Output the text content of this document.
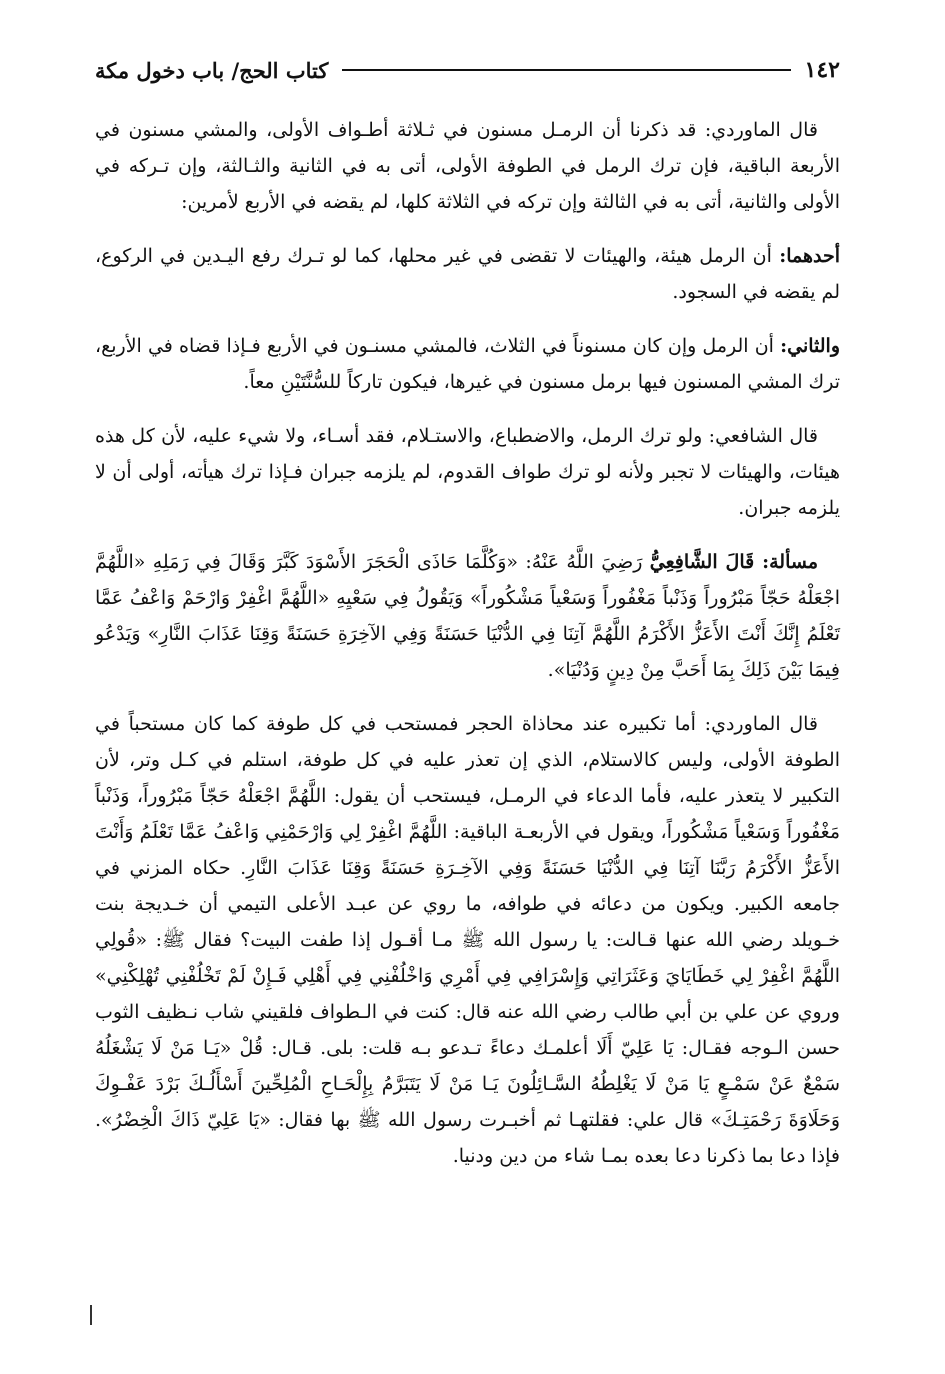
١٤٢
كتاب الحج/ باب دخول مكة

قال الماوردي: قد ذكرنا أن الرمـل مسنون في ثـلاثة أطـواف الأولى، والمشي مسنون في الأربعة الباقية، فإن ترك الرمل في الطوفة الأولى، أتى به في الثانية والثـالثة، وإن تـركه في الأولى والثانية، أتى به في الثالثة وإن تركه في الثلاثة كلها، لم يقضه في الأربع لأمرين:

أحدهما: أن الرمل هيئة، والهيئات لا تقضى في غير محلها، كما لو تـرك رفع اليـدين في الركوع، لم يقضه في السجود.

والثاني: أن الرمل وإن كان مسنوناً في الثلاث، فالمشي مسنـون في الأربع فـإذا قضاه في الأربع، ترك المشي المسنون فيها برمل مسنون في غيرها، فيكون تاركاً للسُّنَّتَيْنِ معاً.

قال الشافعي: ولو ترك الرمل، والاضطباع، والاستـلام، فقد أسـاء، ولا شيء عليه، لأن كل هذه هيئات، والهيئات لا تجبر ولأنه لو ترك طواف القدوم، لم يلزمه جبران فـإذا ترك هيأته، أولى أن لا يلزمه جبران.

مسألة: قَالَ الشَّافِعِيُّ رَضِيَ اللَّهُ عَنْهُ: «وَكُلَّمَا حَاذَى الْحَجَرَ الأَسْوَدَ كَبَّرَ وَقَالَ فِي رَمَلِهِ «اللَّهُمَّ اجْعَلْهُ حَجّاً مَبْرُوراً وَذَنْباً مَغْفُوراً وَسَعْياً مَشْكُوراً» وَيَقُولُ فِي سَعْيِهِ «اللَّهُمَّ اغْفِرْ وَارْحَمْ وَاعْفُ عَمَّا تَعْلَمُ إِنَّكَ أَنْتَ الأَعَزُّ الأَكْرَمُ اللَّهُمَّ آتِنَا فِي الدُّنْيَا حَسَنَةً وَفِي الآخِرَةِ حَسَنَةً وَقِنَا عَذَابَ النَّارِ» وَيَدْعُو فِيمَا بَيْنَ ذَلِكَ بِمَا أَحَبَّ مِنْ دِينٍ وَدُنْيَا».

قال الماوردي: أما تكبيره عند محاذاة الحجر فمستحب في كل طوفة كما كان مستحباً في الطوفة الأولى، وليس كالاستلام، الذي إن تعذر عليه في كل طوفة، استلم في كـل وتر، لأن التكبير لا يتعذر عليه، فأما الدعاء في الرمـل، فيستحب أن يقول: اللَّهُمَّ اجْعَلْهُ حَجّاً مَبْرُوراً، وَذَنْباً مَغْفُوراً وَسَعْياً مَشْكُوراً، ويقول في الأربعـة الباقية: اللَّهُمَّ اغْفِرْ لِي وَارْحَمْنِي وَاعْفُ عَمَّا تَعْلَمُ وَأَنْتَ الأَعَزُّ الأَكْرَمُ رَبَّنَا آتِنَا فِي الدُّنْيَا حَسَنَةً وَفِي الآخِـرَةِ حَسَنَةً وَقِنَا عَذَابَ النَّارِ. حكاه المزني في جامعه الكبير. ويكون من دعائه في طوافه، ما روي عن عبـد الأعلى التيمي أن خـديجة بنت خـويلد رضي الله عنها قـالت: يا رسول الله ﷺ مـا أقـول إذا طفت البيت؟ فقال ﷺ: «قُولِي اللَّهُمَّ اغْفِرْ لِي خَطَايَايَ وَعَثَرَاتِي وَإِسْرَافِي فِي أَمْرِي وَاخْلُفْنِي فِي أَهْلِي فَـإِنْ لَمْ تَخْلُفْنِي تُهْلِكْنِي» وروي عن علي بن أبي طالب رضي الله عنه قال: كنت في الـطواف فلقيني شاب نـظيف الثوب حسن الـوجه فقـال: يَا عَلِيّ أَلَا أعلمـك دعاءً تـدعو بـه قلت: بلى. قـال: قُلْ «يَـا مَنْ لَا يَشْغَلُهُ سَمْعٌ عَنْ سَمْـعٍ يَا مَنْ لَا يَغْلِطُهُ السَّـائِلُونَ يَـا مَنْ لَا يَتَبَرَّمُ بِإِلْحَـاحِ الْمُلِحِّينَ أَسْأَلُـكَ بَرْدَ عَفْـوِكَ وَحَلَاوَةَ رَحْمَتِـكَ» قال علي: فقلتهـا ثم أخبـرت رسول الله ﷺ بها فقال: «يَا عَلِيّ ذَاكَ الْخِضْرُ». فإذا دعا بما ذكرنا دعا بعده بمـا شاء من دين ودنيا.
